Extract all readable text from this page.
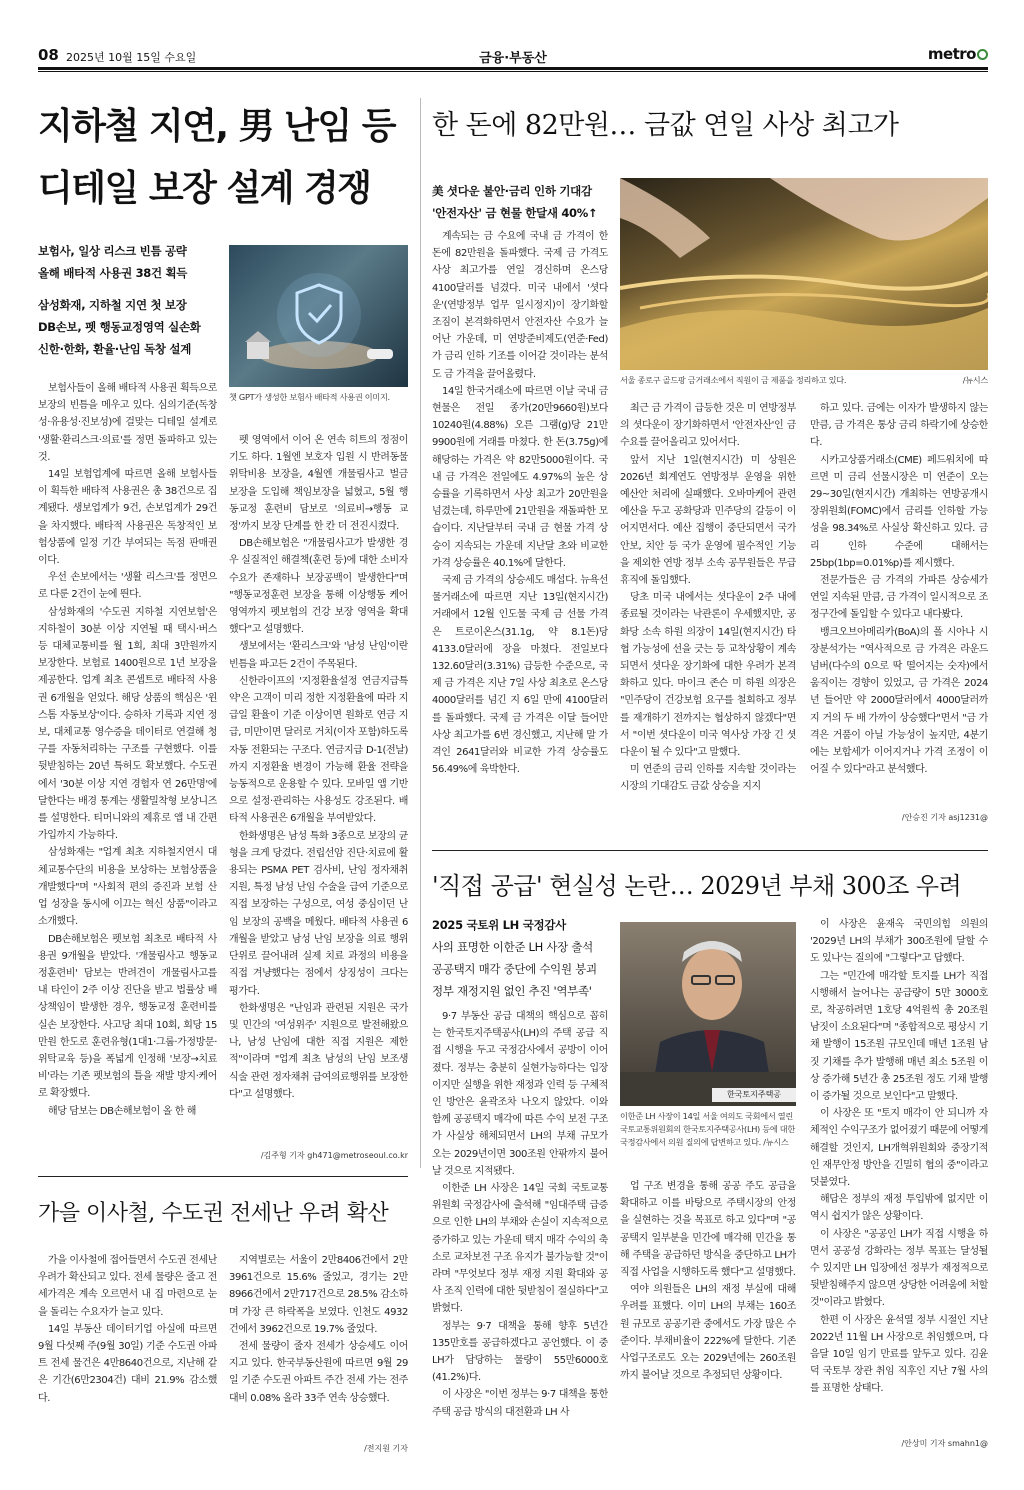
08 2025년 10월 15일 수요일	금융·부동산	metro
지하철 지연, 男 난임 등
디테일 보장 설계 경쟁
보험사, 일상 리스크 빈틈 공략
올해 배타적 사용권 38건 획득
삼성화재, 지하철 지연 첫 보장
DB손보, 펫 행동교정영역 실손화
신한·한화, 환율·난임 독창 설계
챗 GPT가 생성한 보험사 배타적 사용권 이미지.

보험사들이 올해 배타적 사용권 획득으로 보장의 빈틈을 메우고 있다. 심의기준(독창성·유용성·진보성)에 걸맞는 디테일 설계로 '생활·환리스크·의료'를 정면 돌파하고 있는 것.

14일 보험업계에 따르면 올해 보험사들이 획득한 배타적 사용권은 총 38건으로 집계됐다. 생보업계가 9건, 손보업계가 29건을 차지했다. 배타적 사용권은 독창적인 보험상품에 일정 기간 부여되는 독점 판매권이다.

우선 손보에서는 '생활 리스크'를 정면으로 다룬 2건이 눈에 띈다.

삼성화재의 '수도권 지하철 지연보험'은 지하철이 30분 이상 지연될 때 택시·버스 등 대체교통비를 월 1회, 최대 3만원까지 보장한다. 보험료 1400원으로 1년 보장을 제공한다. 업계 최초 콘셉트로 배타적 사용권 6개월을 얻었다. 해당 상품의 핵심은 '윈스톰 자동보상'이다. 승하차 기록과 지연 정보, 대체교통 영수증을 데이터로 연결해 청구를 자동처리하는 구조를 구현했다. 이를 뒷받침하는 20년 특허도 확보했다. 수도권에서 '30분 이상 지연 경험자 연 26만명'에 달한다는 배경 통계는 생활밀착형 보상니즈를 설명한다. 티머니와의 제휴로 앱 내 간편 가입까지 가능하다.

삼성화재는 "업계 최초 지하철지연시 대체교통수단의 비용을 보상하는 보험상품을 개발했다"며 "사회적 편의 증진과 보험 산업 성장을 동시에 이끄는 혁신 상품"이라고 소개했다.

DB손해보험은 펫보험 최초로 배타적 사용권 9개월을 받았다. '개물림사고 행동교정훈련비' 담보는 반려견이 개물림사고를 내 타인이 2주 이상 진단을 받고 법률상 배상책임이 발생한 경우, 행동교정 훈련비를 실손 보장한다. 사고당 최대 10회, 회당 15만원 한도로 훈련유형(1대1·그룹·가정방문·위탁교육 등)을 폭넓게 인정해 '보장→치료비'라는 기존 펫보험의 틀을 재발 방지·케어로 확장했다.

해당 담보는 DB손해보험이 올 한 해

펫 영역에서 이어 온 연속 히트의 정점이기도 하다. 1월엔 보호자 입원 시 반려동물 위탁비용 보장을, 4월엔 개물림사고 벌금 보장을 도입해 책임보장을 넓혔고, 5월 행동교정 훈련비 담보로 '의료비→행동 교정'까지 보장 단계를 한 칸 더 전진시켰다.

DB손해보험은 "개물림사고가 발생한 경우 실질적인 해결책(훈련 등)에 대한 소비자 수요가 존재하나 보장공백이 발생한다"며 "행동교정훈련 보장을 통해 이상행동 케어 영역까지 펫보험의 건강 보장 영역을 확대했다"고 설명했다.

생보에서는 '환리스크'와 '남성 난임'이란 빈틈을 파고든 2건이 주목된다.

신한라이프의 '지정환율설정 연금지급특약'은 고객이 미리 정한 지정환율에 따라 지급일 환율이 기준 이상이면 원화로 연금 지급, 미만이면 달러로 거치(이자 포함)하도록 자동 전환되는 구조다. 연금지급 D-1(전날)까지 지정환율 변경이 가능해 환율 전략을 능동적으로 운용할 수 있다. 모바일 앱 기반으로 설정·관리하는 사용성도 강조된다. 배타적 사용권은 6개월을 부여받았다.

한화생명은 남성 특화 3종으로 보장의 균형을 크게 당겼다. 전립선암 진단·치료에 활용되는 PSMA PET 검사비, 난임 정자채취 지원, 특정 남성 난임 수술을 급여 기준으로 직접 보장하는 구성으로, 여성 중심이던 난임 보장의 공백을 메웠다. 배타적 사용권 6개월을 받았고 남성 난임 보장을 의료 행위 단위로 끌어내려 실제 치료 과정의 비용을 직접 겨냥했다는 점에서 상징성이 크다는 평가다.

한화생명은 "난임과 관련된 지원은 국가 및 민간의 '여성위주' 지원으로 발전해왔으나, 남성 난임에 대한 직접 지원은 제한적"이라며 "업계 최초 남성의 난임 보조생식술 관련 정자채취 급여의료행위를 보장한다"고 설명했다.

/김주형 기자 gh471@metroseoul.co.kr
한 돈에 82만원… 금값 연일 사상 최고가
美 셧다운 불안·금리 인하 기대감
'안전자산' 금 현물 한달새 40%↑
서울 종로구 골드팡 금거래소에서 직원이 금 제품을 정리하고 있다.	/뉴시스

계속되는 금 수요에 국내 금 가격이 한 돈에 82만원을 돌파했다. 국제 금 가격도 사상 최고가를 연일 경신하며 온스당 4100달러를 넘겼다. 미국 내에서 '셧다운'(연방정부 업무 일시정지)이 장기화할 조짐이 본격화하면서 안전자산 수요가 늘어난 가운데, 미 연방준비제도(연준·Fed)가 금리 인하 기조를 이어갈 것이라는 분석도 금 가격을 끌어올렸다.

14일 한국거래소에 따르면 이날 국내 금 현물은 전일 종가(20만9660원)보다 10240원(4.88%) 오른 그램(g)당 21만 9900원에 거래를 마쳤다. 한 돈(3.75g)에 해당하는 가격은 약 82만5000원이다. 국내 금 가격은 전일에도 4.97%의 높은 상승률을 기록하면서 사상 최고가 20만원을 넘겼는데, 하루만에 21만원을 재돌파한 모습이다. 지난달부터 국내 금 현물 가격 상승이 지속되는 가운데 지난달 초와 비교한 가격 상승률은 40.1%에 달한다.

국제 금 가격의 상승세도 매섭다. 뉴욕선물거래소에 따르면 지난 13일(현지시간) 거래에서 12월 인도물 국제 금 선물 가격은 트로이온스(31.1g, 약 8.1돈)당 4133.0달러에 장을 마쳤다. 전일보다 132.60달러(3.31%) 급등한 수준으로, 국제 금 가격은 지난 7일 사상 최초로 온스당 4000달러를 넘긴 지 6일 만에 4100달러를 돌파했다. 국제 금 가격은 이달 들어만 사상 최고가를 6번 경신했고, 지난해 말 가격인 2641달러와 비교한 가격 상승률도 56.49%에 육박한다.

최근 금 가격이 급등한 것은 미 연방정부의 셧다운이 장기화하면서 '안전자산'인 금 수요를 끌어올리고 있어서다.

앞서 지난 1일(현지시간) 미 상원은 2026년 회계연도 연방정부 운영을 위한 예산안 처리에 실패했다. 오바마케어 관련 예산을 두고 공화당과 민주당의 갈등이 이어지면서다. 예산 집행이 중단되면서 국가 안보, 치안 등 국가 운영에 필수적인 기능을 제외한 연방 정부 소속 공무원들은 무급 휴직에 돌입했다.

당초 미국 내에서는 셧다운이 2주 내에 종료될 것이라는 낙관론이 우세했지만, 공화당 소속 하원 의장이 14일(현지시간) 타협 가능성에 선을 긋는 등 교착상황이 계속되면서 셧다운 장기화에 대한 우려가 본격화하고 있다. 마이크 존슨 미 하원 의장은 "민주당이 건강보험 요구를 철회하고 정부를 재개하기 전까지는 협상하지 않겠다"면서 "이번 셧다운이 미국 역사상 가장 긴 셧다운이 될 수 있다"고 말했다.

미 연준의 금리 인하를 지속할 것이라는 시장의 기대감도 금값 상승을 지지

하고 있다. 금에는 이자가 발생하지 않는 만큼, 금 가격은 통상 금리 하락기에 상승한다.

시카고상품거래소(CME) 페드워치에 따르면 미 금리 선물시장은 미 연준이 오는 29~30일(현지시간) 개최하는 연방공개시장위원회(FOMC)에서 금리를 인하할 가능성을 98.34%로 사실상 확신하고 있다. 금리 인하 수준에 대해서는 25bp(1bp=0.01%p)를 제시했다.

전문가들은 금 가격의 가파른 상승세가 연일 지속된 만큼, 금 가격이 일시적으로 조정구간에 돌입할 수 있다고 내다봤다.

뱅크오브아메리카(BoA)의 폴 시아나 시장분석가는 "역사적으로 금 가격은 라운드 넘버(다수의 0으로 딱 떨어지는 숫자)에서 움직이는 경향이 있었고, 금 가격은 2024년 들어만 약 2000달러에서 4000달러까지 거의 두 배 가까이 상승했다"면서 "금 가격은 거품이 아닐 가능성이 높지만, 4분기에는 보합세가 이어지거나 가격 조정이 이어질 수 있다"라고 분석했다.

/안승진 기자 asj1231@
'직접 공급' 현실성 논란… 2029년 부채 300조 우려
2025 국토위 LH 국정감사
사의 표명한 이한준 LH 사장 출석
공공택지 매각 중단에 수익원 붕괴
정부 재정지원 없인 추진 '역부족'
한국토지주택공
이한준 LH 사장이 14일 서울 여의도 국회에서 열린 국토교통위원회의 한국토지주택공사(LH) 등에 대한 국정감사에서 의원 질의에 답변하고 있다. /뉴시스

9·7 부동산 공급 대책의 핵심으로 꼽히는 한국토지주택공사(LH)의 주택 공급 직접 시행을 두고 국정감사에서 공방이 이어졌다. 정부는 충분히 실현가능하다는 입장이지만 실행을 위한 재정과 인력 등 구체적인 방안은 윤곽조차 나오지 않았다. 이와 함께 공공택지 매각에 따른 수익 보전 구조가 사실상 해체되면서 LH의 부채 규모가 오는 2029년이면 300조원 안팎까지 불어날 것으로 지적됐다.

이한준 LH 사장은 14일 국회 국토교통위원회 국정감사에 출석해 "임대주택 급증으로 인한 LH의 부채와 손실이 지속적으로 증가하고 있는 가운데 택지 매각 수익의 축소로 교차보전 구조 유지가 불가능할 것"이라며 "무엇보다 정부 재정 지원 확대와 공사 조직 인력에 대한 뒷받침이 절실하다"고 밝혔다.

정부는 9·7 대책을 통해 향후 5년간 135만호를 공급하겠다고 공언했다. 이 중 LH가 담당하는 물량이 55만6000호(41.2%)다.

이 사장은 "이번 정부는 9·7 대책을 통한 주택 공급 방식의 대전환과 LH 사

업 구조 변경을 통해 공공 주도 공급을 확대하고 이를 바탕으로 주택시장의 안정을 실현하는 것을 목표로 하고 있다"며 "공공택지 일부분을 민간에 매각해 민간을 통해 주택을 공급하던 방식을 중단하고 LH가 직접 사업을 시행하도록 했다"고 설명했다.

여야 의원들은 LH의 재정 부실에 대해 우려를 표했다. 이미 LH의 부채는 160조원 규모로 공공기관 중에서도 가장 많은 수준이다. 부채비율이 222%에 달한다. 기존 사업구조로도 오는 2029년에는 260조원까지 불어날 것으로 추정되던 상황이다.

이 사장은 윤재옥 국민의힘 의원의 '2029년 LH의 부채가 300조원에 달할 수도 있나'는 질의에 "그렇다"고 답했다.

그는 "민간에 매각할 토지를 LH가 직접 시행해서 늘어나는 공급량이 5만 3000호로, 착공하려면 1호당 4억원씩 총 20조원 남짓이 소요된다"며 "종합적으로 평상시 기채 발행이 15조원 규모인데 매년 1조원 남짓 기채를 추가 발행해 매년 최소 5조원 이상 증가해 5년간 총 25조원 정도 기채 발행이 증가될 것으로 보인다"고 말했다.

이 사장은 또 "토지 매각이 안 되니까 자체적인 수익구조가 없어졌기 때문에 어떻게 해결할 것인지, LH개혁위원회와 중장기적인 재무안정 방안을 긴밀히 협의 중"이라고 덧붙였다.

해답은 정부의 재정 투입밖에 없지만 이 역시 쉽지가 않은 상황이다.

이 사장은 "공공인 LH가 직접 시행을 하면서 공공성 강화라는 정부 목표는 달성될 수 있지만 LH 입장에선 정부가 재정적으로 뒷받침해주지 않으면 상당한 어려움에 처할 것"이라고 밝혔다.

한편 이 사장은 윤석열 정부 시절인 지난 2022년 11월 LH 사장으로 취임했으며, 다음달 10일 임기 만료를 앞두고 있다. 김윤덕 국토부 장관 취임 직후인 지난 7월 사의를 표명한 상태다.

/안상미 기자 smahn1@
가을 이사철, 수도권 전세난 우려 확산

가을 이사철에 접어들면서 수도권 전세난 우려가 확산되고 있다. 전세 물량은 줄고 전세가격은 계속 오르면서 내 집 마련으로 눈을 돌리는 수요자가 늘고 있다.

14일 부동산 데이터기업 아실에 따르면 9월 다섯째 주(9월 30일) 기준 수도권 아파트 전세 물건은 4만8640건으로, 지난해 같은 기간(6만2304건) 대비 21.9% 감소했다.

지역별로는 서울이 2만8406건에서 2만3961건으로 15.6% 줄었고, 경기는 2만8966건에서 2만717건으로 28.5% 감소하며 가장 큰 하락폭을 보였다. 인천도 4932건에서 3962건으로 19.7% 줄었다.

전세 물량이 줄자 전세가 상승세도 이어지고 있다. 한국부동산원에 따르면 9월 29일 기준 수도권 아파트 주간 전세 가는 전주 대비 0.08% 올라 33주 연속 상승했다.

/전지원 기자
